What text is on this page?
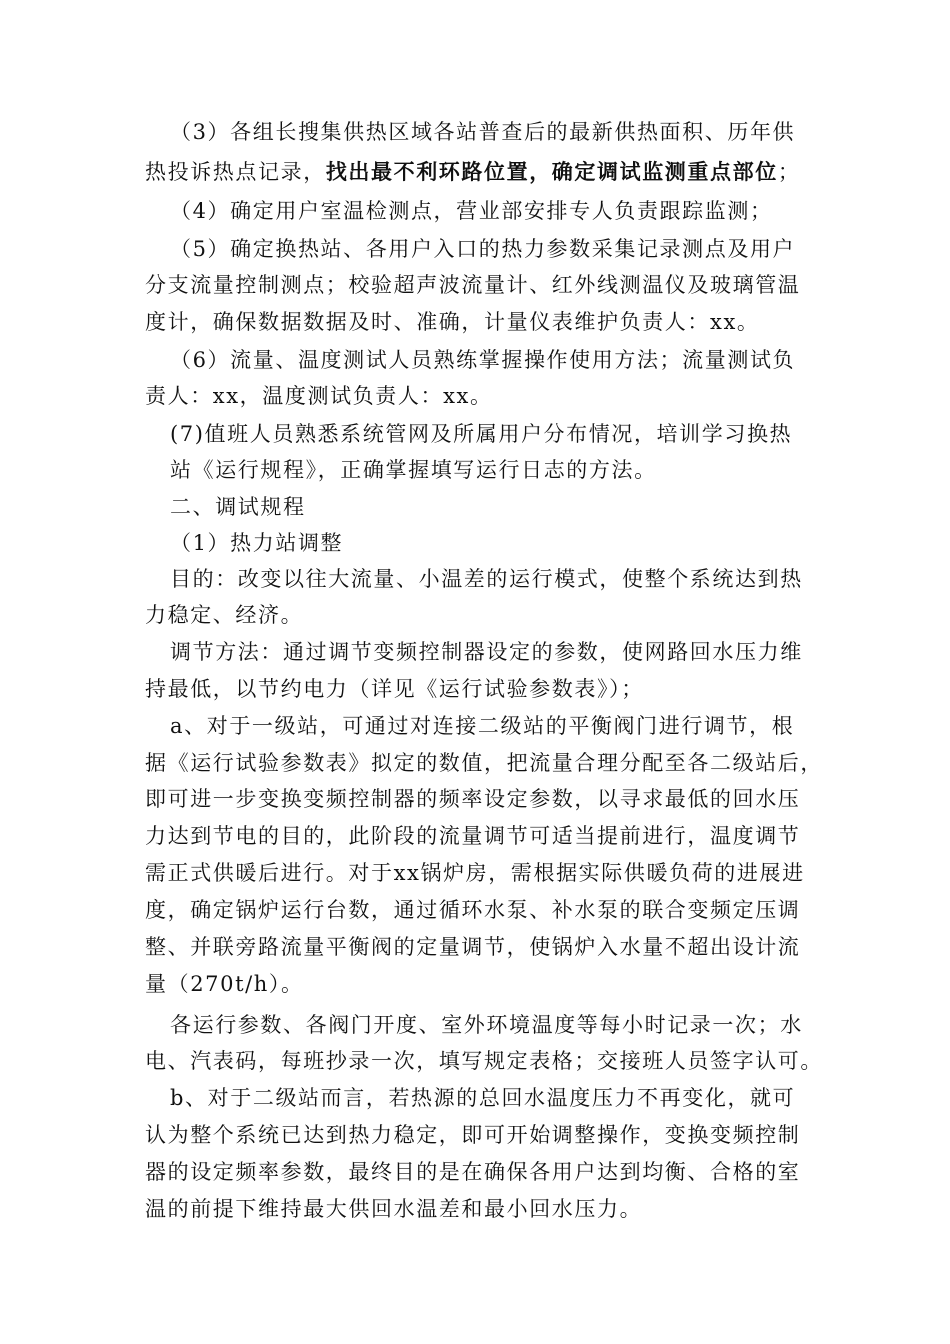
（3）各组长搜集供热区域各站普查后的最新供热面积、历年供
热投诉热点记录，找出最不利环路位置，确定调试监测重点部位；
（4）确定用户室温检测点，营业部安排专人负责跟踪监测；
（5）确定换热站、各用户入口的热力参数采集记录测点及用户
分支流量控制测点；校验超声波流量计、红外线测温仪及玻璃管温
度计，确保数据数据及时、准确，计量仪表维护负责人：xx。
（6）流量、温度测试人员熟练掌握操作使用方法；流量测试负
责人：xx，温度测试负责人：xx。
(7)值班人员熟悉系统管网及所属用户分布情况，培训学习换热
站《运行规程》，正确掌握填写运行日志的方法。
二、调试规程
（1）热力站调整
目的：改变以往大流量、小温差的运行模式，使整个系统达到热
力稳定、经济。
调节方法：通过调节变频控制器设定的参数，使网路回水压力维
持最低，以节约电力（详见《运行试验参数表》）；
a、对于一级站，可通过对连接二级站的平衡阀门进行调节，根
据《运行试验参数表》拟定的数值，把流量合理分配至各二级站后，
即可进一步变换变频控制器的频率设定参数，以寻求最低的回水压
力达到节电的目的，此阶段的流量调节可适当提前进行，温度调节
需正式供暖后进行。对于xx锅炉房，需根据实际供暖负荷的进展进
度，确定锅炉运行台数，通过循环水泵、补水泵的联合变频定压调
整、并联旁路流量平衡阀的定量调节，使锅炉入水量不超出设计流
量（270t/h）。
各运行参数、各阀门开度、室外环境温度等每小时记录一次；水
电、汽表码，每班抄录一次，填写规定表格；交接班人员签字认可。
b、对于二级站而言，若热源的总回水温度压力不再变化，就可
认为整个系统已达到热力稳定，即可开始调整操作，变换变频控制
器的设定频率参数，最终目的是在确保各用户达到均衡、合格的室
温的前提下维持最大供回水温差和最小回水压力。
